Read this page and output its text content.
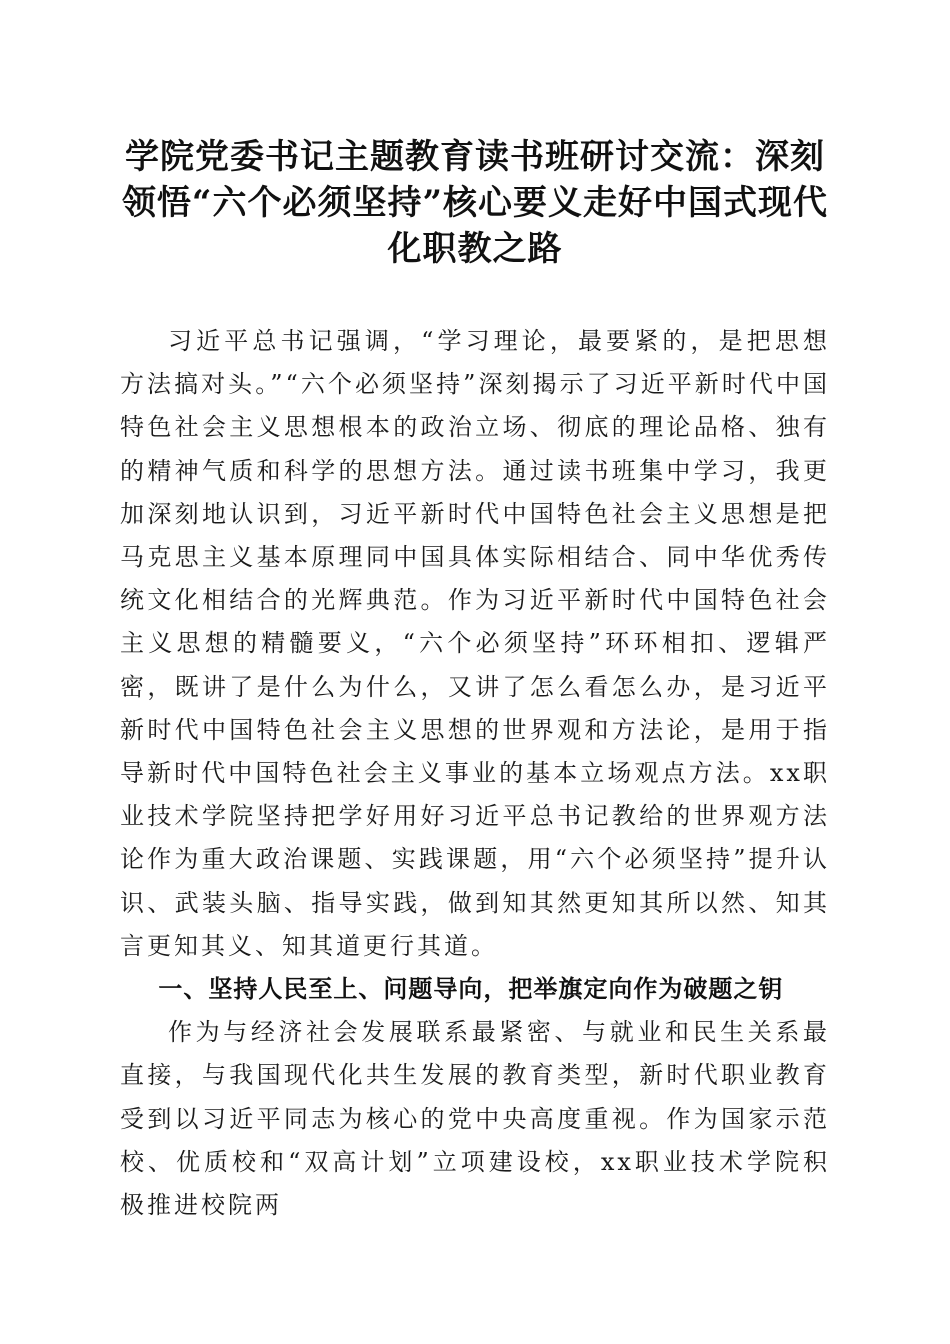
学院党委书记主题教育读书班研讨交流：深刻领悟“六个必须坚持”核心要义走好中国式现代化职教之路

习近平总书记强调，“学习理论，最要紧的，是把思想方法搞对头。”“六个必须坚持”深刻揭示了习近平新时代中国特色社会主义思想根本的政治立场、彻底的理论品格、独有的精神气质和科学的思想方法。通过读书班集中学习，我更加深刻地认识到，习近平新时代中国特色社会主义思想是把马克思主义基本原理同中国具体实际相结合、同中华优秀传统文化相结合的光辉典范。作为习近平新时代中国特色社会主义思想的精髓要义，“六个必须坚持”环环相扣、逻辑严密，既讲了是什么为什么，又讲了怎么看怎么办，是习近平新时代中国特色社会主义思想的世界观和方法论，是用于指导新时代中国特色社会主义事业的基本立场观点方法。xx职业技术学院坚持把学好用好习近平总书记教给的世界观方法论作为重大政治课题、实践课题，用“六个必须坚持”提升认识、武装头脑、指导实践，做到知其然更知其所以然、知其言更知其义、知其道更行其道。

一、坚持人民至上、问题导向，把举旗定向作为破题之钥

作为与经济社会发展联系最紧密、与就业和民生关系最直接，与我国现代化共生发展的教育类型，新时代职业教育受到以习近平同志为核心的党中央高度重视。作为国家示范校、优质校和“双高计划”立项建设校，xx职业技术学院积极推进校院两
